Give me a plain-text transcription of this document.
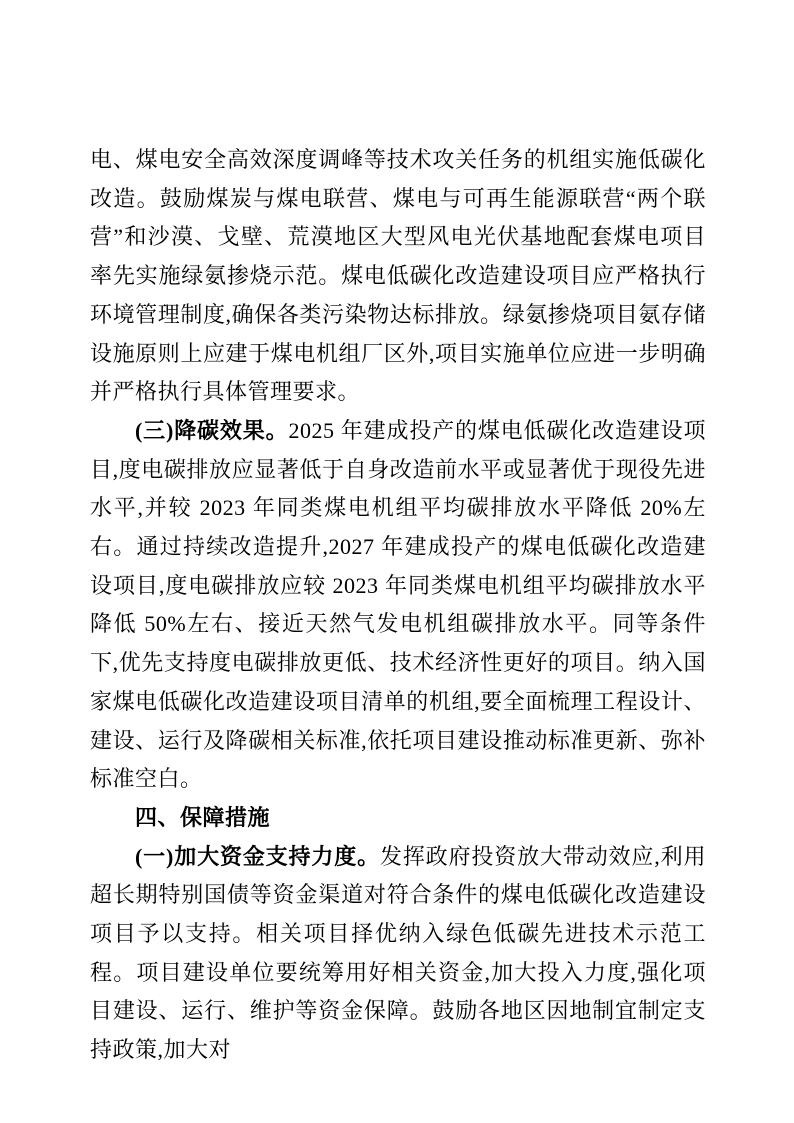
电、煤电安全高效深度调峰等技术攻关任务的机组实施低碳化改造。鼓励煤炭与煤电联营、煤电与可再生能源联营“两个联营”和沙漠、戈壁、荒漠地区大型风电光伏基地配套煤电项目率先实施绿氨掺烧示范。煤电低碳化改造建设项目应严格执行环境管理制度,确保各类污染物达标排放。绿氨掺烧项目氨存储设施原则上应建于煤电机组厂区外,项目实施单位应进一步明确并严格执行具体管理要求。

(三)降碳效果。2025 年建成投产的煤电低碳化改造建设项目,度电碳排放应显著低于自身改造前水平或显著优于现役先进水平,并较 2023 年同类煤电机组平均碳排放水平降低 20%左右。通过持续改造提升,2027 年建成投产的煤电低碳化改造建设项目,度电碳排放应较 2023 年同类煤电机组平均碳排放水平降低 50%左右、接近天然气发电机组碳排放水平。同等条件下,优先支持度电碳排放更低、技术经济性更好的项目。纳入国家煤电低碳化改造建设项目清单的机组,要全面梳理工程设计、建设、运行及降碳相关标准,依托项目建设推动标准更新、弥补标准空白。

四、保障措施

(一)加大资金支持力度。发挥政府投资放大带动效应,利用超长期特别国债等资金渠道对符合条件的煤电低碳化改造建设项目予以支持。相关项目择优纳入绿色低碳先进技术示范工程。项目建设单位要统筹用好相关资金,加大投入力度,强化项目建设、运行、维护等资金保障。鼓励各地区因地制宜制定支持政策,加大对
